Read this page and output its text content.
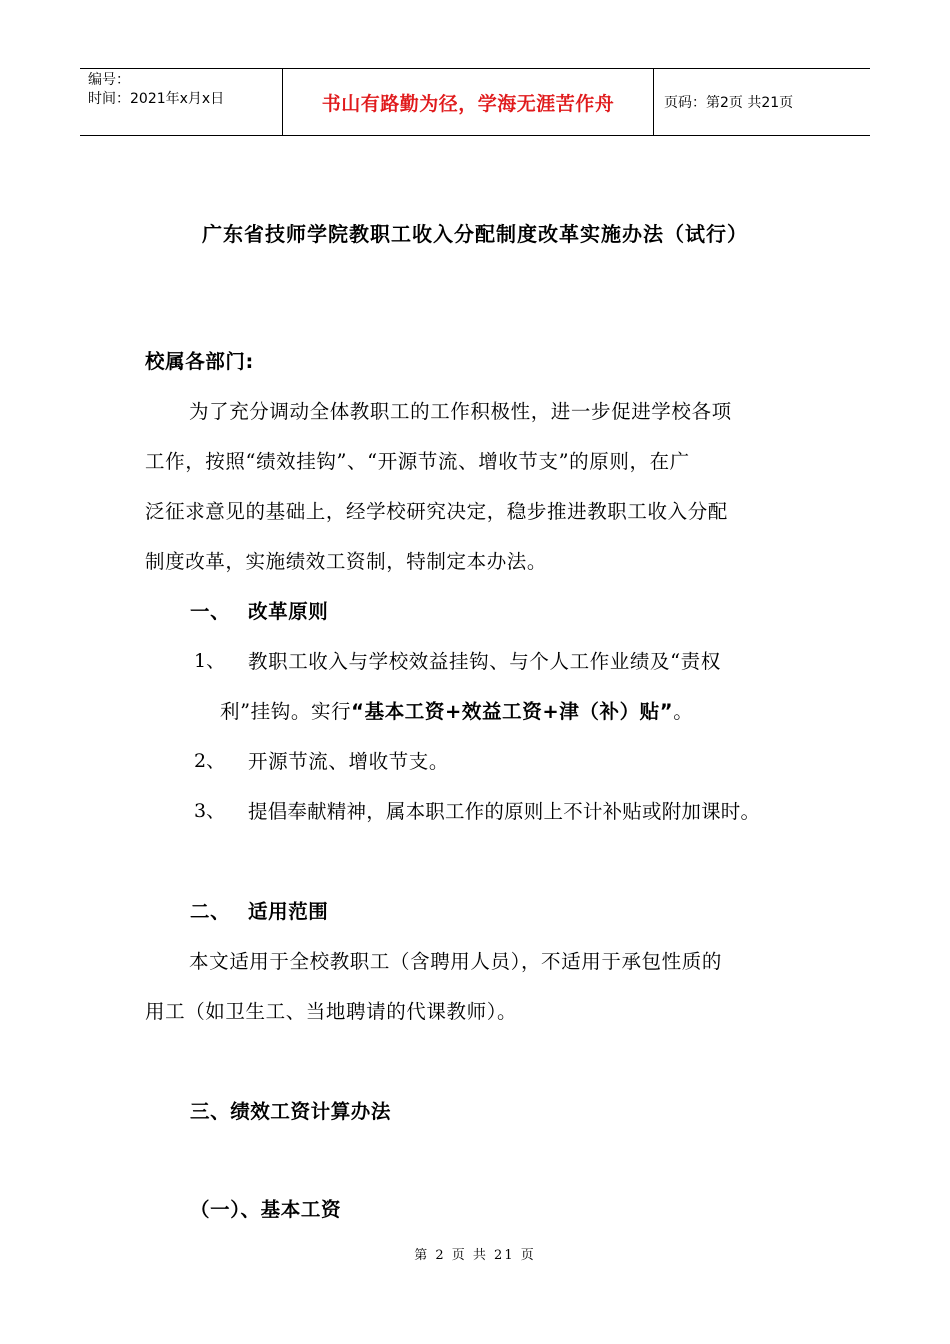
编号：
时间：2021年x月x日	书山有路勤为径，学海无涯苦作舟	页码：第2页 共21页
广东省技师学院教职工收入分配制度改革实施办法（试行）
校属各部门:
为了充分调动全体教职工的工作积极性，进一步促进学校各项
工作，按照“绩效挂钩”、“开源节流、增收节支”的原则，在广
泛征求意见的基础上，经学校研究决定，稳步推进教职工收入分配
制度改革，实施绩效工资制，特制定本办法。
一、 改革原则
1、 教职工收入与学校效益挂钩、与个人工作业绩及“责权
利”挂钩。实行“基本工资+效益工资+津（补）贴”。
2、 开源节流、增收节支。
3、 提倡奉献精神，属本职工作的原则上不计补贴或附加课时。
二、 适用范围
本文适用于全校教职工（含聘用人员），不适用于承包性质的
用工（如卫生工、当地聘请的代课教师）。
三、绩效工资计算办法
（一）、基本工资
第 2 页 共 21 页
